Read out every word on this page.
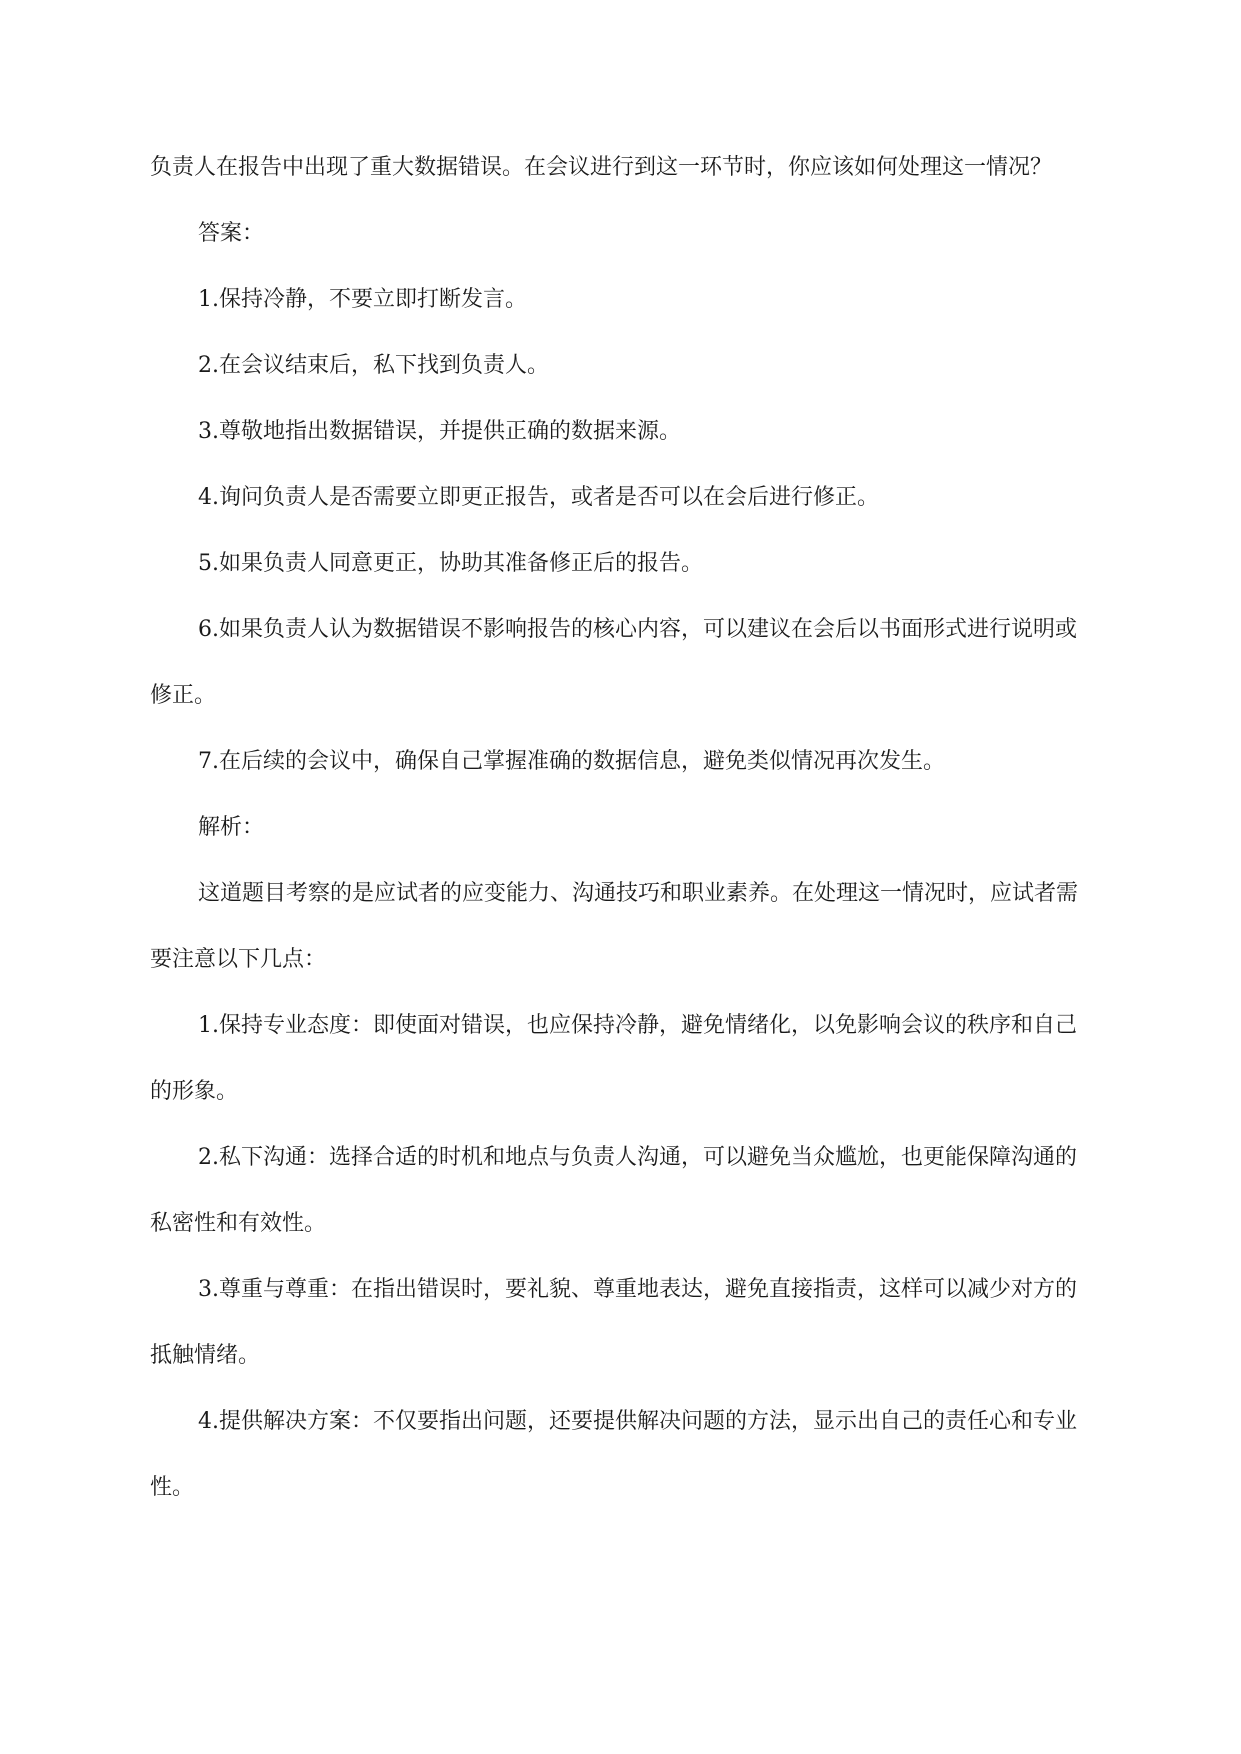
负责人在报告中出现了重大数据错误。在会议进行到这一环节时，你应该如何处理这一情况？

答案：

1.保持冷静，不要立即打断发言。

2.在会议结束后，私下找到负责人。

3.尊敬地指出数据错误，并提供正确的数据来源。

4.询问负责人是否需要立即更正报告，或者是否可以在会后进行修正。

5.如果负责人同意更正，协助其准备修正后的报告。

6.如果负责人认为数据错误不影响报告的核心内容，可以建议在会后以书面形式进行说明或修正。

7.在后续的会议中，确保自己掌握准确的数据信息，避免类似情况再次发生。

解析：

这道题目考察的是应试者的应变能力、沟通技巧和职业素养。在处理这一情况时，应试者需要注意以下几点：

1.保持专业态度：即使面对错误，也应保持冷静，避免情绪化，以免影响会议的秩序和自己的形象。

2.私下沟通：选择合适的时机和地点与负责人沟通，可以避免当众尴尬，也更能保障沟通的私密性和有效性。

3.尊重与尊重：在指出错误时，要礼貌、尊重地表达，避免直接指责，这样可以减少对方的抵触情绪。

4.提供解决方案：不仅要指出问题，还要提供解决问题的方法，显示出自己的责任心和专业性。
